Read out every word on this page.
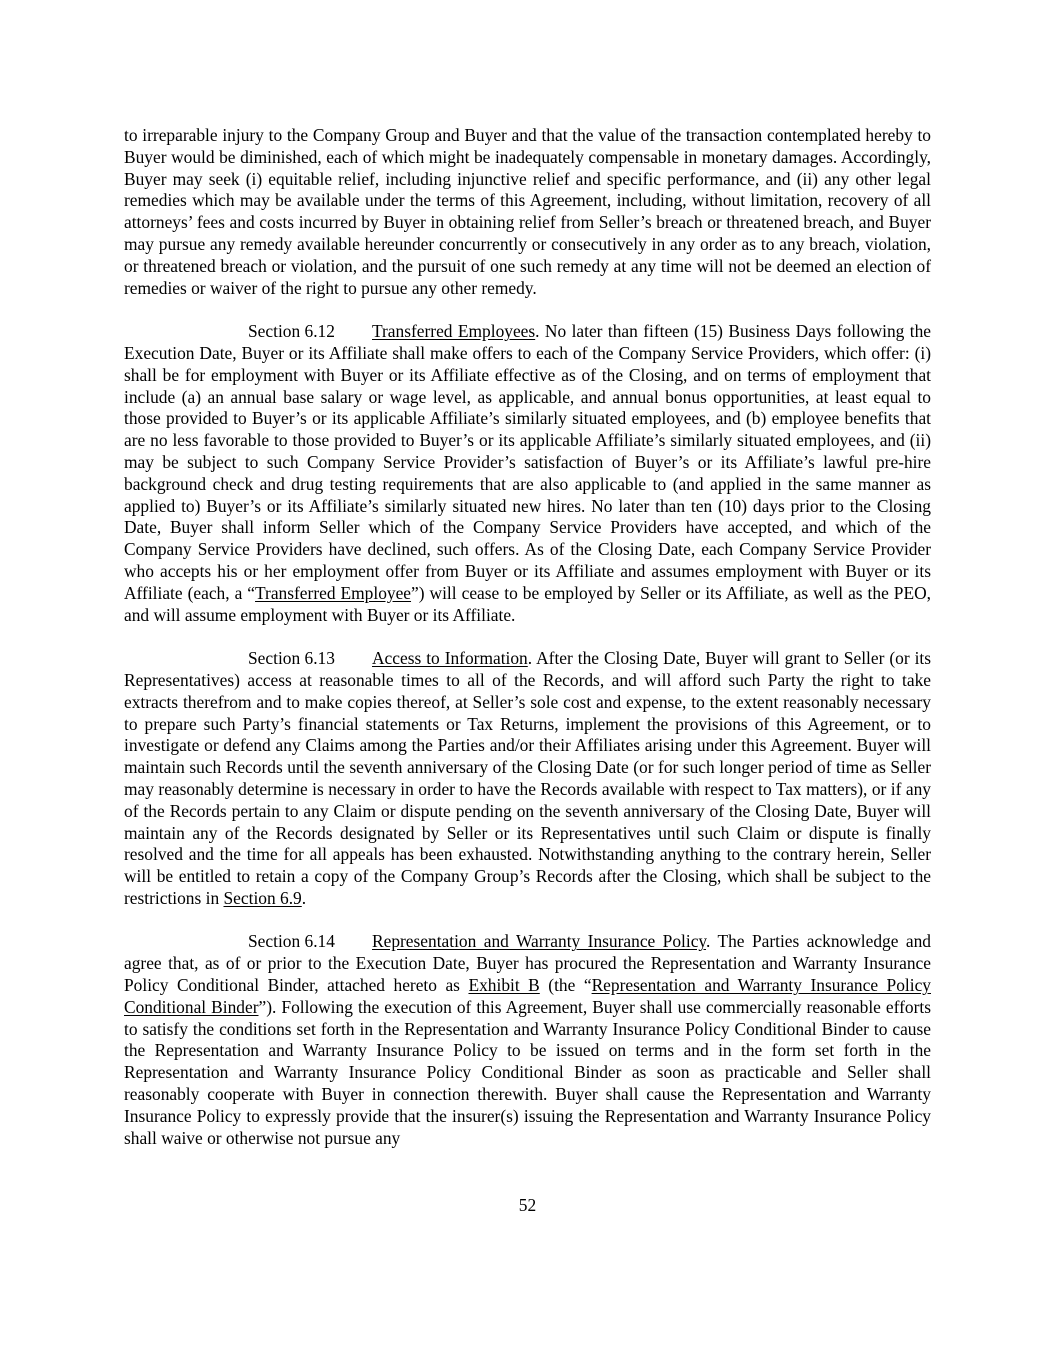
to irreparable injury to the Company Group and Buyer and that the value of the transaction contemplated hereby to Buyer would be diminished, each of which might be inadequately compensable in monetary damages. Accordingly, Buyer may seek (i) equitable relief, including injunctive relief and specific performance, and (ii) any other legal remedies which may be available under the terms of this Agreement, including, without limitation, recovery of all attorneys’ fees and costs incurred by Buyer in obtaining relief from Seller’s breach or threatened breach, and Buyer may pursue any remedy available hereunder concurrently or consecutively in any order as to any breach, violation, or threatened breach or violation, and the pursuit of one such remedy at any time will not be deemed an election of remedies or waiver of the right to pursue any other remedy.

Section 6.12 Transferred Employees. No later than fifteen (15) Business Days following the Execution Date, Buyer or its Affiliate shall make offers to each of the Company Service Providers, which offer: (i) shall be for employment with Buyer or its Affiliate effective as of the Closing, and on terms of employment that include (a) an annual base salary or wage level, as applicable, and annual bonus opportunities, at least equal to those provided to Buyer’s or its applicable Affiliate’s similarly situated employees, and (b) employee benefits that are no less favorable to those provided to Buyer’s or its applicable Affiliate’s similarly situated employees, and (ii) may be subject to such Company Service Provider’s satisfaction of Buyer’s or its Affiliate’s lawful pre-hire background check and drug testing requirements that are also applicable to (and applied in the same manner as applied to) Buyer’s or its Affiliate’s similarly situated new hires. No later than ten (10) days prior to the Closing Date, Buyer shall inform Seller which of the Company Service Providers have accepted, and which of the Company Service Providers have declined, such offers. As of the Closing Date, each Company Service Provider who accepts his or her employment offer from Buyer or its Affiliate and assumes employment with Buyer or its Affiliate (each, a “Transferred Employee”) will cease to be employed by Seller or its Affiliate, as well as the PEO, and will assume employment with Buyer or its Affiliate.

Section 6.13 Access to Information. After the Closing Date, Buyer will grant to Seller (or its Representatives) access at reasonable times to all of the Records, and will afford such Party the right to take extracts therefrom and to make copies thereof, at Seller’s sole cost and expense, to the extent reasonably necessary to prepare such Party’s financial statements or Tax Returns, implement the provisions of this Agreement, or to investigate or defend any Claims among the Parties and/or their Affiliates arising under this Agreement. Buyer will maintain such Records until the seventh anniversary of the Closing Date (or for such longer period of time as Seller may reasonably determine is necessary in order to have the Records available with respect to Tax matters), or if any of the Records pertain to any Claim or dispute pending on the seventh anniversary of the Closing Date, Buyer will maintain any of the Records designated by Seller or its Representatives until such Claim or dispute is finally resolved and the time for all appeals has been exhausted. Notwithstanding anything to the contrary herein, Seller will be entitled to retain a copy of the Company Group’s Records after the Closing, which shall be subject to the restrictions in Section 6.9.

Section 6.14 Representation and Warranty Insurance Policy. The Parties acknowledge and agree that, as of or prior to the Execution Date, Buyer has procured the Representation and Warranty Insurance Policy Conditional Binder, attached hereto as Exhibit B (the “Representation and Warranty Insurance Policy Conditional Binder”). Following the execution of this Agreement, Buyer shall use commercially reasonable efforts to satisfy the conditions set forth in the Representation and Warranty Insurance Policy Conditional Binder to cause the Representation and Warranty Insurance Policy to be issued on terms and in the form set forth in the Representation and Warranty Insurance Policy Conditional Binder as soon as practicable and Seller shall reasonably cooperate with Buyer in connection therewith. Buyer shall cause the Representation and Warranty Insurance Policy to expressly provide that the insurer(s) issuing the Representation and Warranty Insurance Policy shall waive or otherwise not pursue any

52
